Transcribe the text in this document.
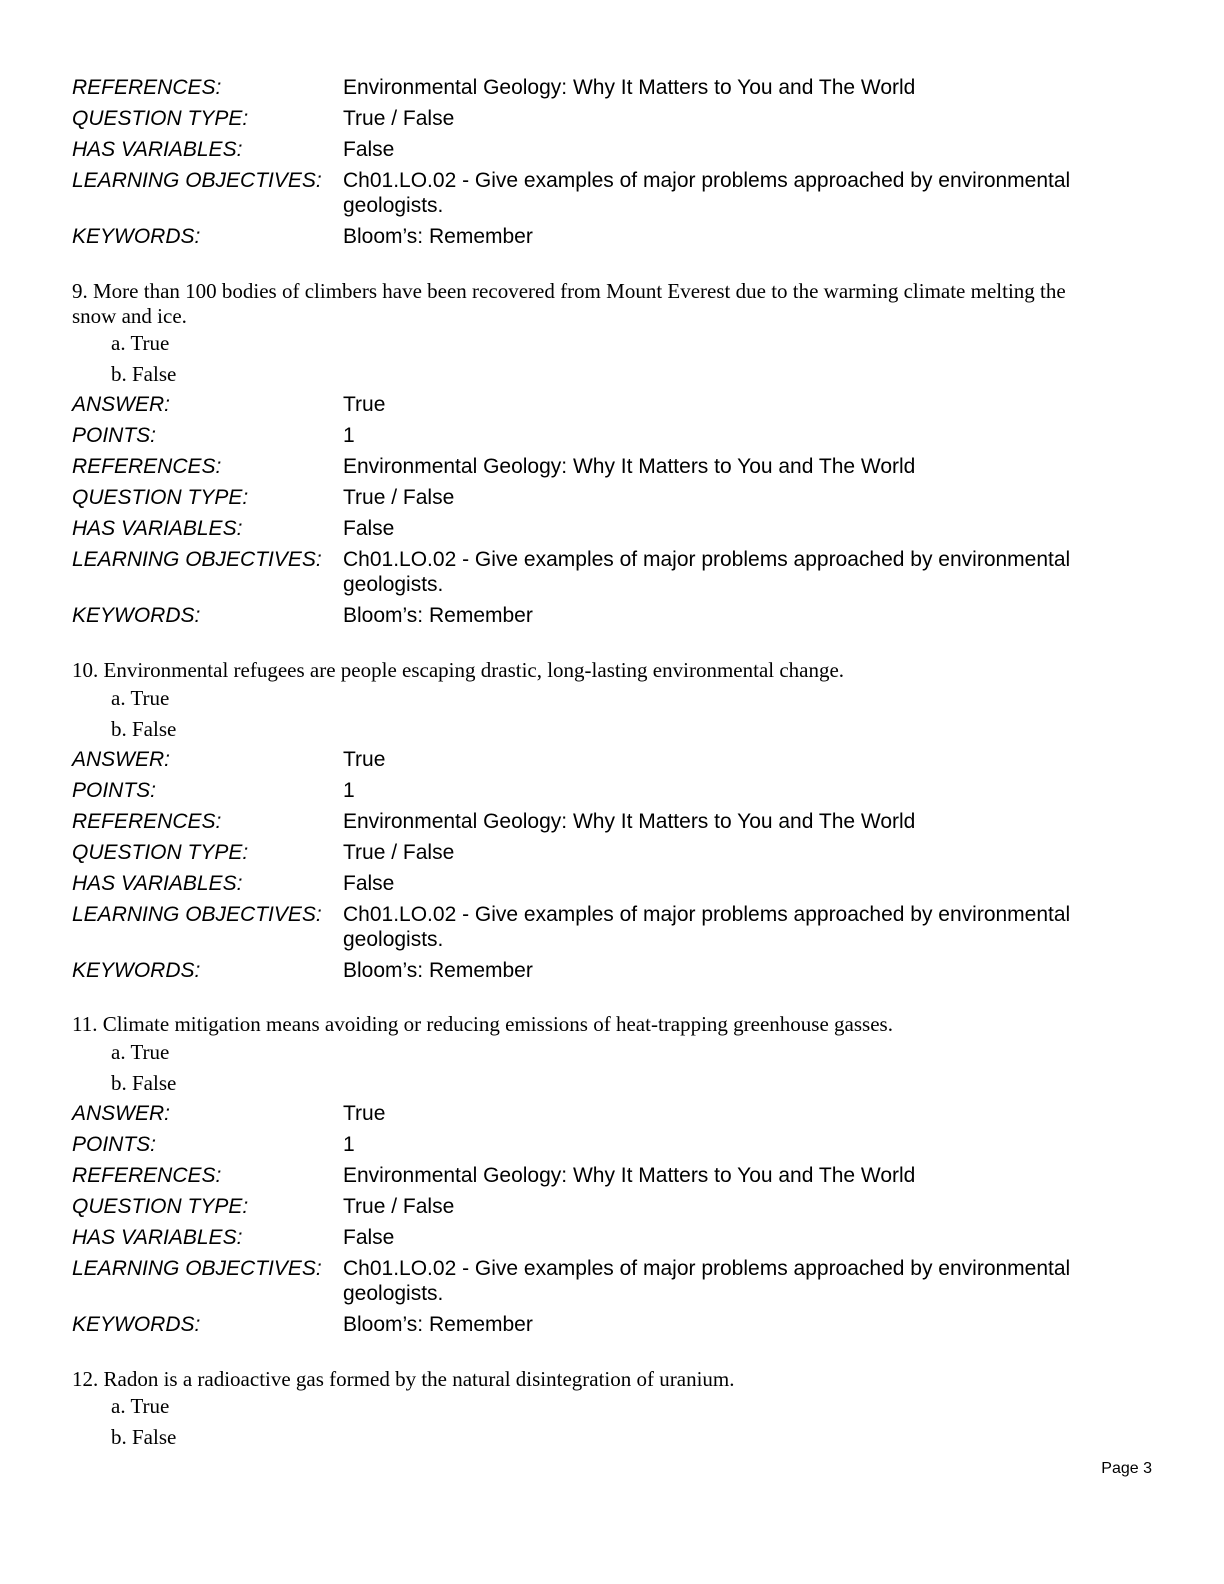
REFERENCES:	Environmental Geology: Why It Matters to You and The World
QUESTION TYPE:	True / False
HAS VARIABLES:	False
LEARNING OBJECTIVES:	Ch01.LO.02 - Give examples of major problems approached by environmental geologists.
KEYWORDS:	Bloom’s: Remember
9. More than 100 bodies of climbers have been recovered from Mount Everest due to the warming climate melting the snow and ice.
a. True
b. False
ANSWER:	True
POINTS:	1
REFERENCES:	Environmental Geology: Why It Matters to You and The World
QUESTION TYPE:	True / False
HAS VARIABLES:	False
LEARNING OBJECTIVES:	Ch01.LO.02 - Give examples of major problems approached by environmental geologists.
KEYWORDS:	Bloom’s: Remember
10. Environmental refugees are people escaping drastic, long-lasting environmental change.
a. True
b. False
ANSWER:	True
POINTS:	1
REFERENCES:	Environmental Geology: Why It Matters to You and The World
QUESTION TYPE:	True / False
HAS VARIABLES:	False
LEARNING OBJECTIVES:	Ch01.LO.02 - Give examples of major problems approached by environmental geologists.
KEYWORDS:	Bloom’s: Remember
11. Climate mitigation means avoiding or reducing emissions of heat-trapping greenhouse gasses.
a. True
b. False
ANSWER:	True
POINTS:	1
REFERENCES:	Environmental Geology: Why It Matters to You and The World
QUESTION TYPE:	True / False
HAS VARIABLES:	False
LEARNING OBJECTIVES:	Ch01.LO.02 - Give examples of major problems approached by environmental geologists.
KEYWORDS:	Bloom’s: Remember
12. Radon is a radioactive gas formed by the natural disintegration of uranium.
a. True
b. False
Page 3
